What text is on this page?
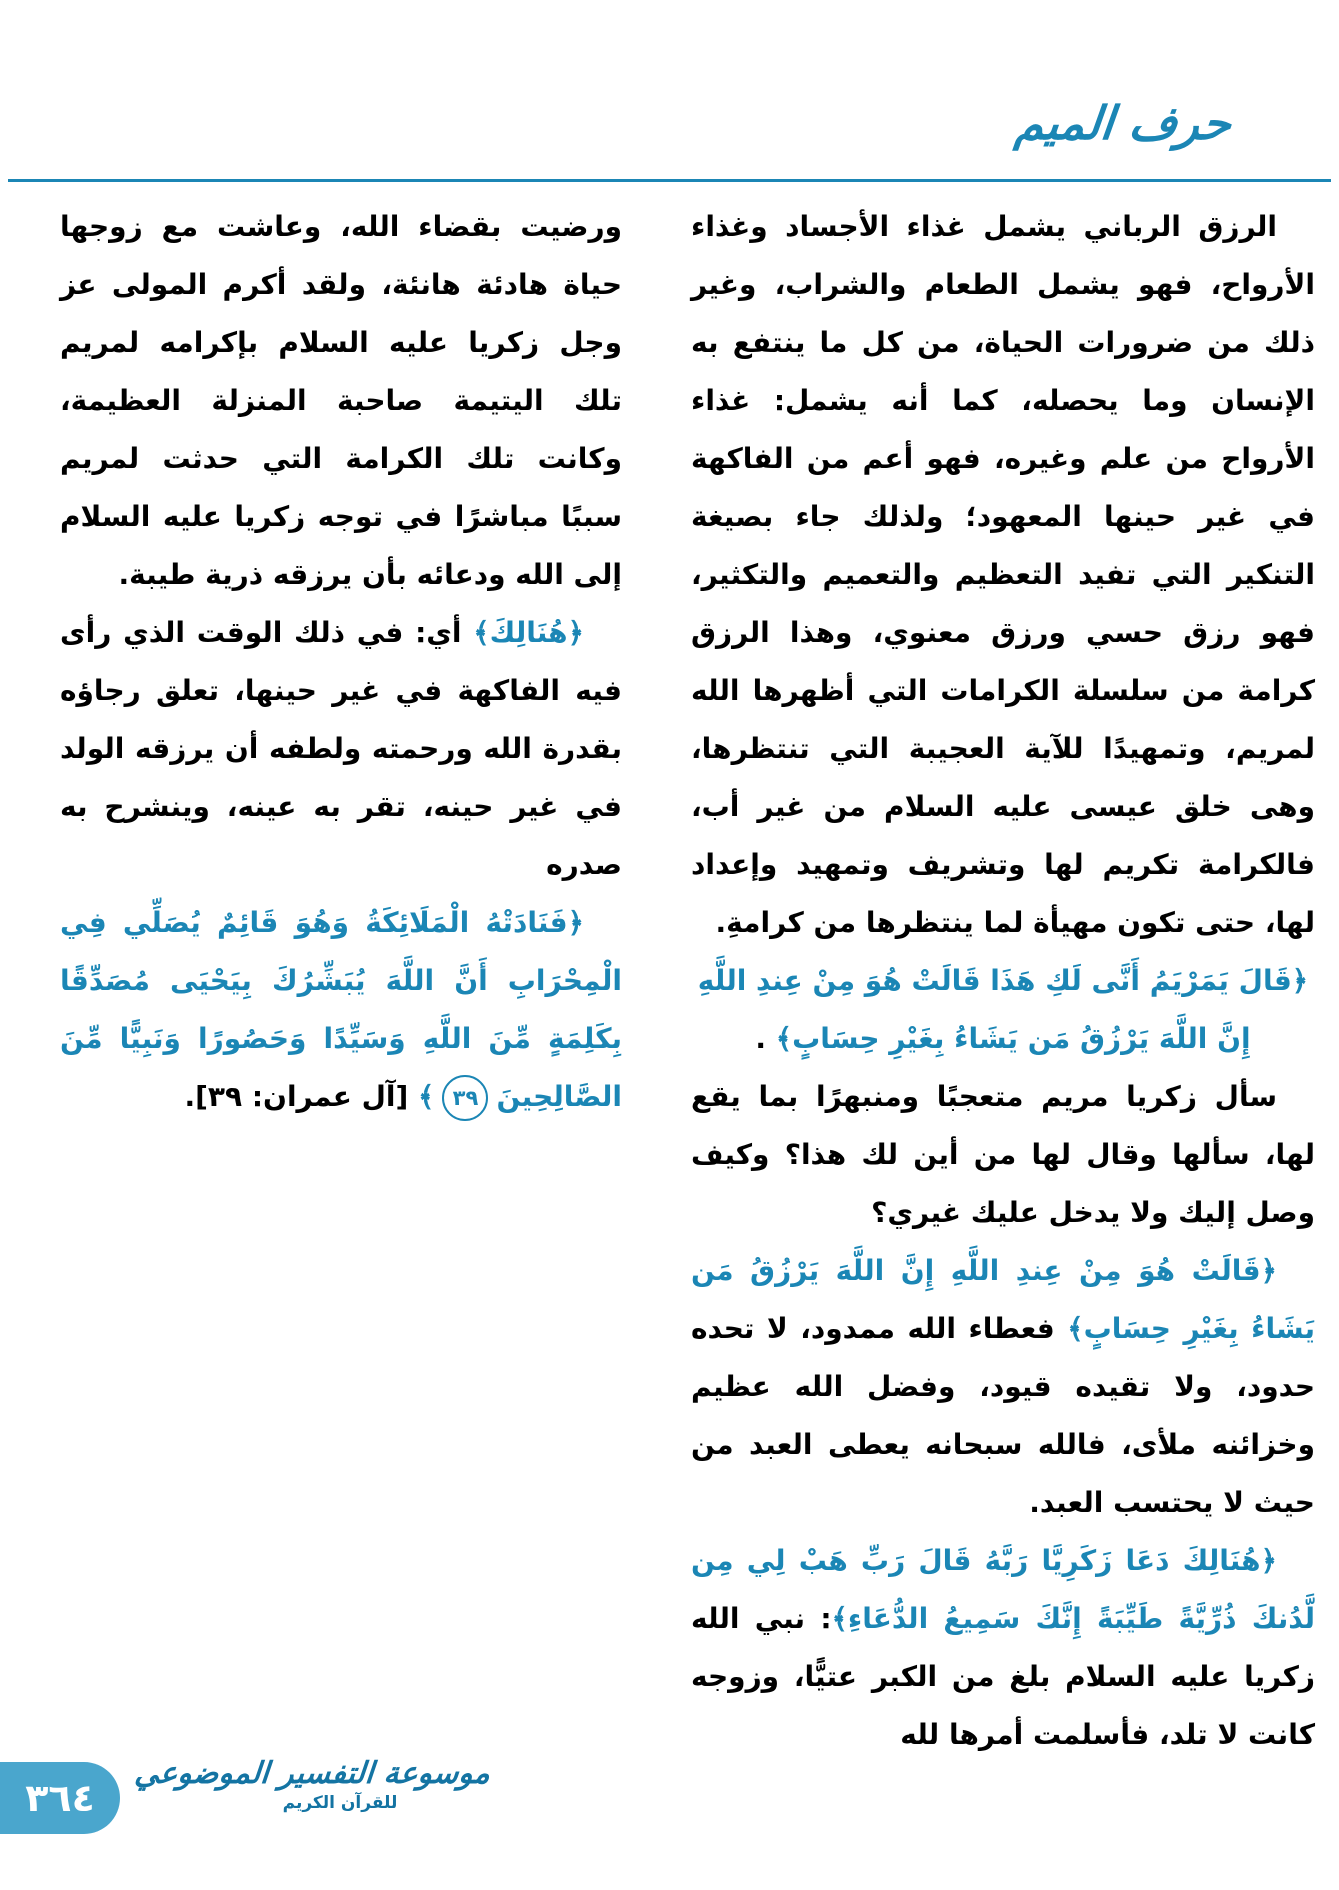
حرف الميم

الرزق الرباني يشمل غذاء الأجساد وغذاء الأرواح، فهو يشمل الطعام والشراب، وغير ذلك من ضرورات الحياة، من كل ما ينتفع به الإنسان وما يحصله، كما أنه يشمل: غذاء الأرواح من علم وغيره، فهو أعم من الفاكهة في غير حينها المعهود؛ ولذلك جاء بصيغة التنكير التي تفيد التعظيم والتعميم والتكثير، فهو رزق حسي ورزق معنوي، وهذا الرزق كرامة من سلسلة الكرامات التي أظهرها الله لمريم، وتمهيدًا للآية العجيبة التي تنتظرها، وهى خلق عيسى عليه السلام من غير أب، فالكرامة تكريم لها وتشريف وتمهيد وإعداد لها، حتى تكون مهيأة لما ينتظرها من كرامةِ.

﴿قَالَ يَمَرْيَمُ أَنَّى لَكِ هَذَا قَالَتْ هُوَ مِنْ عِندِ اللَّهِ إِنَّ اللَّهَ يَرْزُقُ مَن يَشَاءُ بِغَيْرِ حِسَابٍ﴾ .

سأل زكريا مريم متعجبًا ومنبهرًا بما يقع لها، سألها وقال لها من أين لك هذا؟ وكيف وصل إليك ولا يدخل عليك غيري؟

﴿قَالَتْ هُوَ مِنْ عِندِ اللَّهِ إِنَّ اللَّهَ يَرْزُقُ مَن يَشَاءُ بِغَيْرِ حِسَابٍ﴾ فعطاء الله ممدود، لا تحده حدود، ولا تقيده قيود، وفضل الله عظيم وخزائنه ملأى، فالله سبحانه يعطى العبد من حيث لا يحتسب العبد.

﴿هُنَالِكَ دَعَا زَكَرِيَّا رَبَّهُ قَالَ رَبِّ هَبْ لِي مِن لَّدُنكَ ذُرِّيَّةً طَيِّبَةً إِنَّكَ سَمِيعُ الدُّعَاءِ﴾: نبي الله زكريا عليه السلام بلغ من الكبر عتيًّا، وزوجه كانت لا تلد، فأسلمت أمرها لله

ورضيت بقضاء الله، وعاشت مع زوجها حياة هادئة هانئة، ولقد أكرم المولى عز وجل زكريا عليه السلام بإكرامه لمريم تلك اليتيمة صاحبة المنزلة العظيمة، وكانت تلك الكرامة التي حدثت لمريم سببًا مباشرًا في توجه زكريا عليه السلام إلى الله ودعائه بأن يرزقه ذرية طيبة.

﴿هُنَالِكَ﴾ أي: في ذلك الوقت الذي رأى فيه الفاكهة في غير حينها، تعلق رجاؤه بقدرة الله ورحمته ولطفه أن يرزقه الولد في غير حينه، تقر به عينه، وينشرح به صدره

﴿فَنَادَتْهُ الْمَلَائِكَةُ وَهُوَ قَائِمٌ يُصَلِّي فِي الْمِحْرَابِ أَنَّ اللَّهَ يُبَشِّرُكَ بِيَحْيَى مُصَدِّقًا بِكَلِمَةٍ مِّنَ اللَّهِ وَسَيِّدًا وَحَصُورًا وَنَبِيًّا مِّنَ الصَّالِحِينَ٣٩﴾ [آل عمران: ٣٩].

موسوعة التفسير الموضوعي
للقرآن الكريم
٣٦٤
